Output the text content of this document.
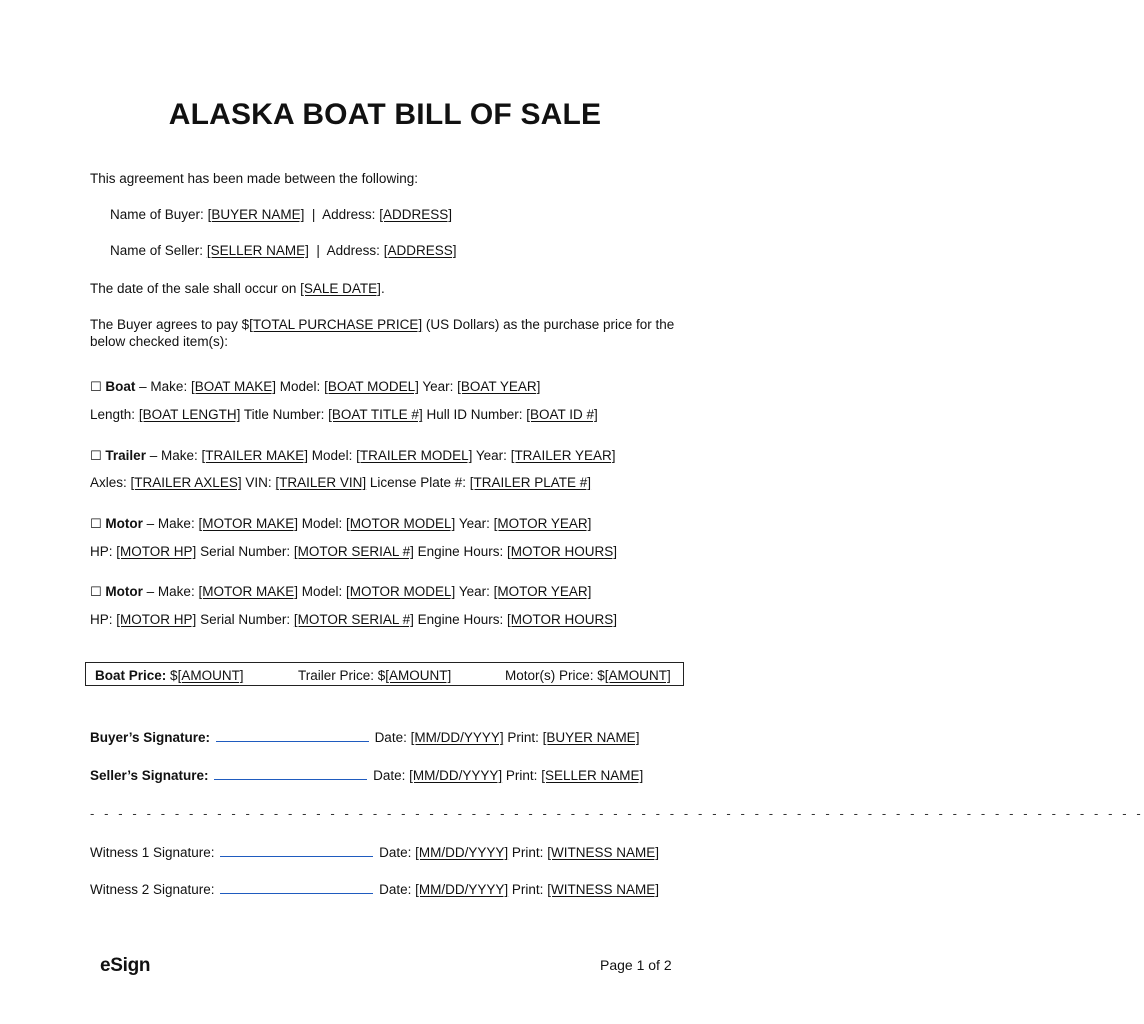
ALASKA BOAT BILL OF SALE
This agreement has been made between the following:
Name of Buyer: [BUYER NAME] | Address: [ADDRESS]
Name of Seller: [SELLER NAME] | Address: [ADDRESS]
The date of the sale shall occur on [SALE DATE].
The Buyer agrees to pay $[TOTAL PURCHASE PRICE] (US Dollars) as the purchase price for the below checked item(s):
☐ Boat – Make: [BOAT MAKE] Model: [BOAT MODEL] Year: [BOAT YEAR]
Length: [BOAT LENGTH] Title Number: [BOAT TITLE #] Hull ID Number: [BOAT ID #]
☐ Trailer – Make: [TRAILER MAKE] Model: [TRAILER MODEL] Year: [TRAILER YEAR]
Axles: [TRAILER AXLES] VIN: [TRAILER VIN] License Plate #: [TRAILER PLATE #]
☐ Motor – Make: [MOTOR MAKE] Model: [MOTOR MODEL] Year: [MOTOR YEAR]
HP: [MOTOR HP] Serial Number: [MOTOR SERIAL #] Engine Hours: [MOTOR HOURS]
☐ Motor – Make: [MOTOR MAKE] Model: [MOTOR MODEL] Year: [MOTOR YEAR]
HP: [MOTOR HP] Serial Number: [MOTOR SERIAL #] Engine Hours: [MOTOR HOURS]
Boat Price: $[AMOUNT]	Trailer Price: $[AMOUNT]	Motor(s) Price: $[AMOUNT]
Buyer’s Signature:	Date: [MM/DD/YYYY] Print: [BUYER NAME]
Seller’s Signature:	Date: [MM/DD/YYYY] Print: [SELLER NAME]
- - - - - - - - - - - - - - - - - - - - - - - - - - - - - - - - - - - - - - - - - - - - - - - - - - - - - - - - - - - - - - - - - - - - - - - - - - -
Witness 1 Signature:	Date: [MM/DD/YYYY] Print: [WITNESS NAME]
Witness 2 Signature:	Date: [MM/DD/YYYY] Print: [WITNESS NAME]
eSign	Page 1 of 2
